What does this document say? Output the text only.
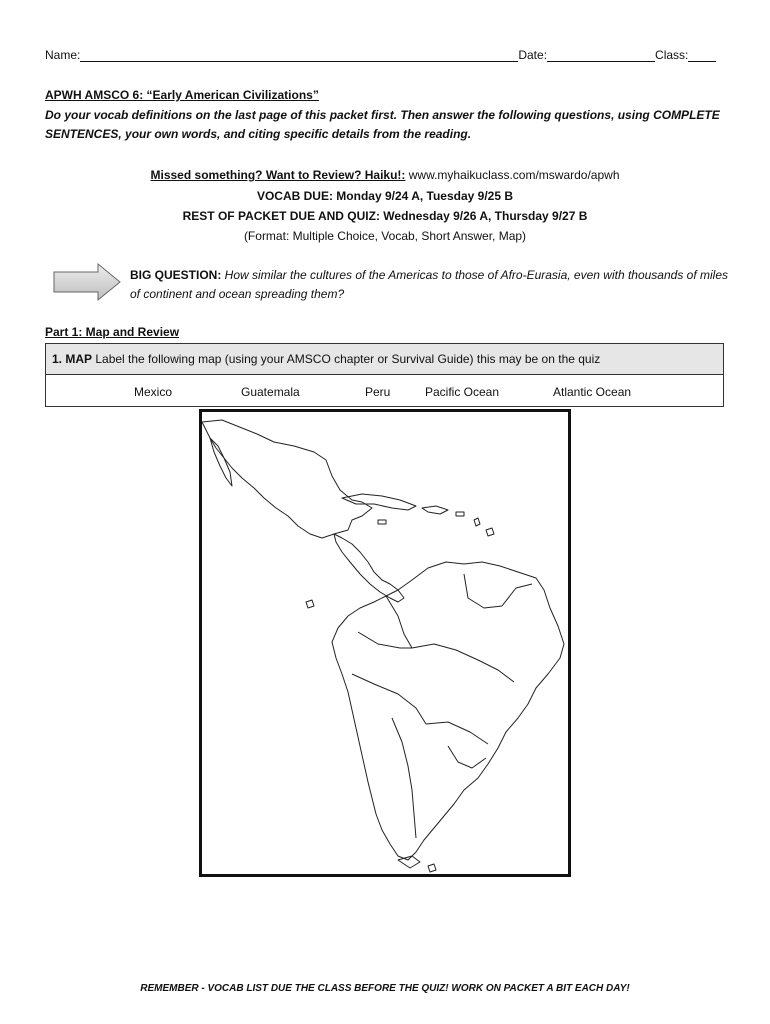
Name:	Date:	Class:
APWH AMSCO 6: “Early American Civilizations”
Do your vocab definitions on the last page of this packet first. Then answer the following questions, using COMPLETE SENTENCES, your own words, and citing specific details from the reading.
Missed something? Want to Review? Haiku!: www.myhaikuclass.com/mswardo/apwh
VOCAB DUE: Monday 9/24 A, Tuesday 9/25 B
REST OF PACKET DUE AND QUIZ: Wednesday 9/26 A, Thursday 9/27 B
(Format: Multiple Choice, Vocab, Short Answer, Map)
BIG QUESTION: How similar the cultures of the Americas to those of Afro-Eurasia, even with thousands of miles of continent and ocean spreading them?
Part 1: Map and Review
1. MAP Label the following map (using your AMSCO chapter or Survival Guide) this may be on the quiz
Mexico	Guatemala	Peru	Pacific Ocean	Atlantic Ocean
REMEMBER - VOCAB LIST DUE THE CLASS BEFORE THE QUIZ! WORK ON PACKET A BIT EACH DAY!
